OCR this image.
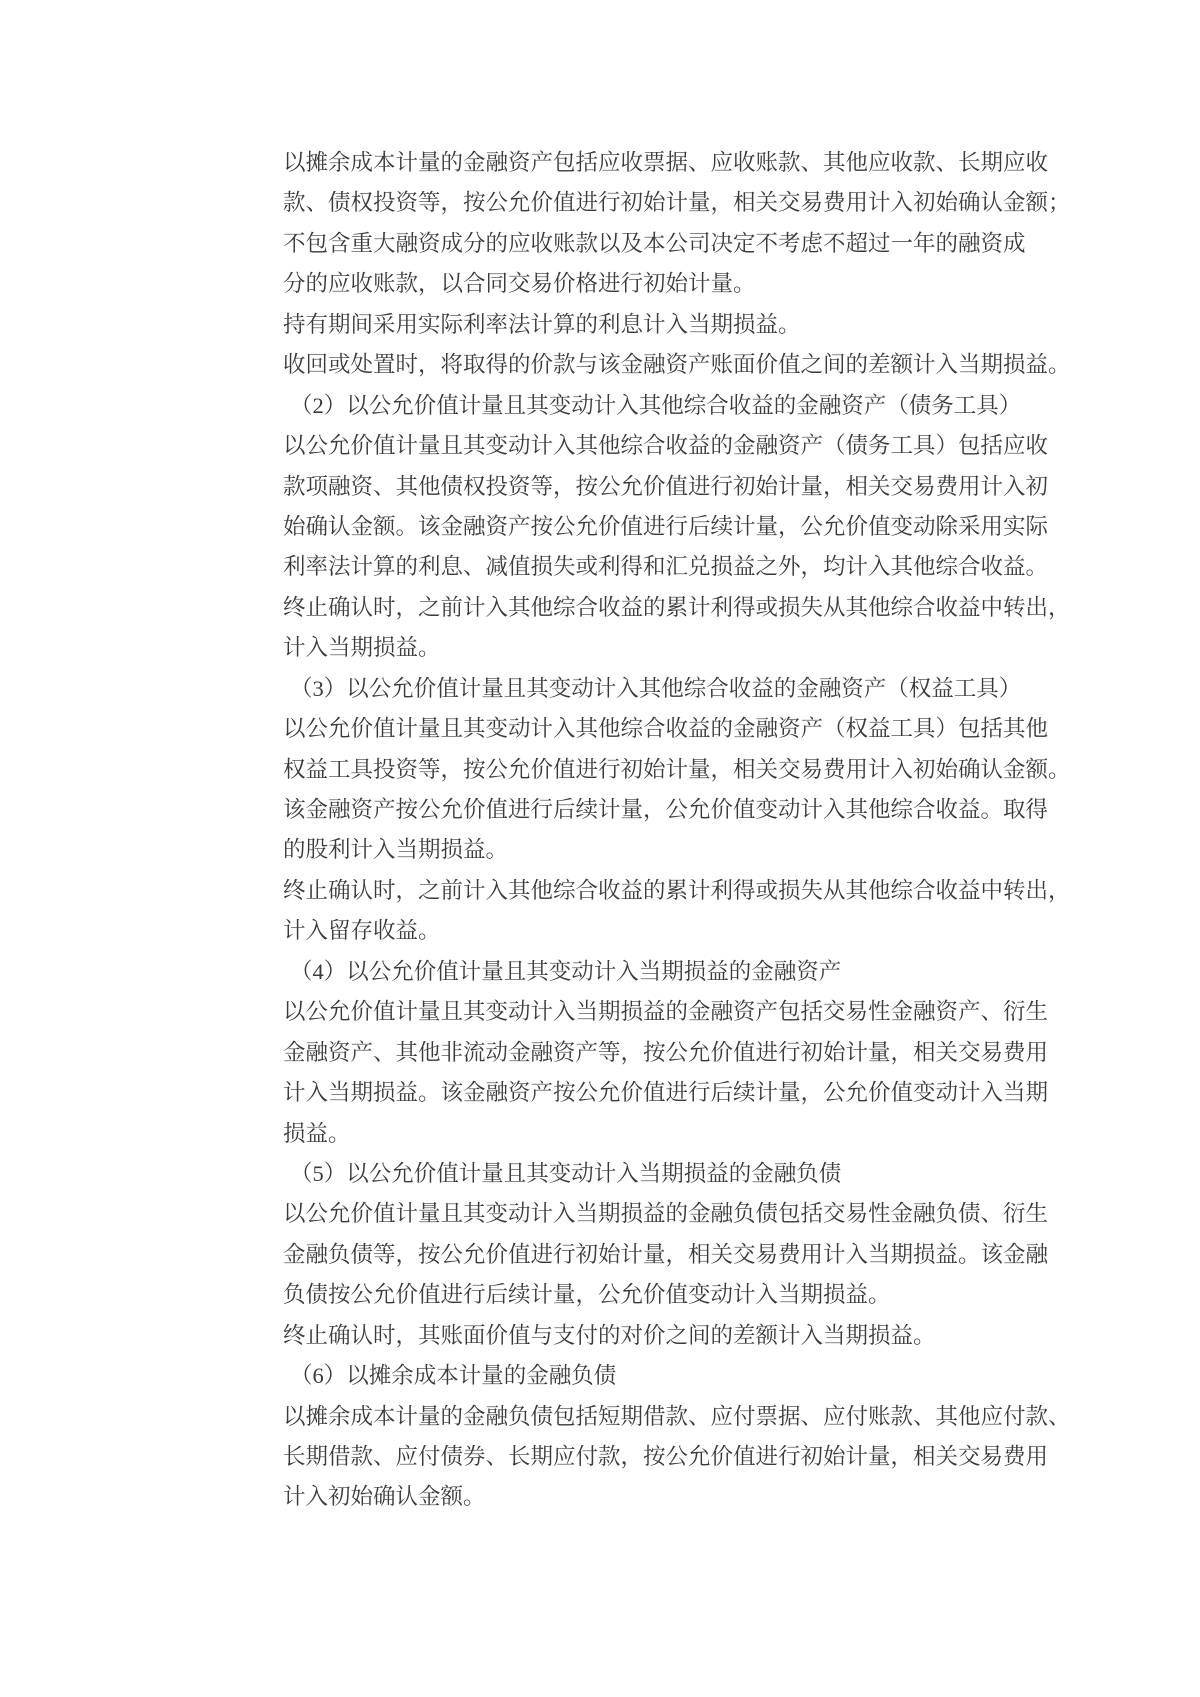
以摊余成本计量的金融资产包括应收票据、应收账款、其他应收款、长期应收
款、债权投资等，按公允价值进行初始计量，相关交易费用计入初始确认金额；
不包含重大融资成分的应收账款以及本公司决定不考虑不超过一年的融资成
分的应收账款，以合同交易价格进行初始计量。
持有期间采用实际利率法计算的利息计入当期损益。
收回或处置时，将取得的价款与该金融资产账面价值之间的差额计入当期损益。
（2）以公允价值计量且其变动计入其他综合收益的金融资产（债务工具）
以公允价值计量且其变动计入其他综合收益的金融资产（债务工具）包括应收
款项融资、其他债权投资等，按公允价值进行初始计量，相关交易费用计入初
始确认金额。该金融资产按公允价值进行后续计量，公允价值变动除采用实际
利率法计算的利息、减值损失或利得和汇兑损益之外，均计入其他综合收益。
终止确认时，之前计入其他综合收益的累计利得或损失从其他综合收益中转出，
计入当期损益。
（3）以公允价值计量且其变动计入其他综合收益的金融资产（权益工具）
以公允价值计量且其变动计入其他综合收益的金融资产（权益工具）包括其他
权益工具投资等，按公允价值进行初始计量，相关交易费用计入初始确认金额。
该金融资产按公允价值进行后续计量，公允价值变动计入其他综合收益。取得
的股利计入当期损益。
终止确认时，之前计入其他综合收益的累计利得或损失从其他综合收益中转出，
计入留存收益。
（4）以公允价值计量且其变动计入当期损益的金融资产
以公允价值计量且其变动计入当期损益的金融资产包括交易性金融资产、衍生
金融资产、其他非流动金融资产等，按公允价值进行初始计量，相关交易费用
计入当期损益。该金融资产按公允价值进行后续计量，公允价值变动计入当期
损益。
（5）以公允价值计量且其变动计入当期损益的金融负债
以公允价值计量且其变动计入当期损益的金融负债包括交易性金融负债、衍生
金融负债等，按公允价值进行初始计量，相关交易费用计入当期损益。该金融
负债按公允价值进行后续计量，公允价值变动计入当期损益。
终止确认时，其账面价值与支付的对价之间的差额计入当期损益。
（6）以摊余成本计量的金融负债
以摊余成本计量的金融负债包括短期借款、应付票据、应付账款、其他应付款、
长期借款、应付债券、长期应付款，按公允价值进行初始计量，相关交易费用
计入初始确认金额。
